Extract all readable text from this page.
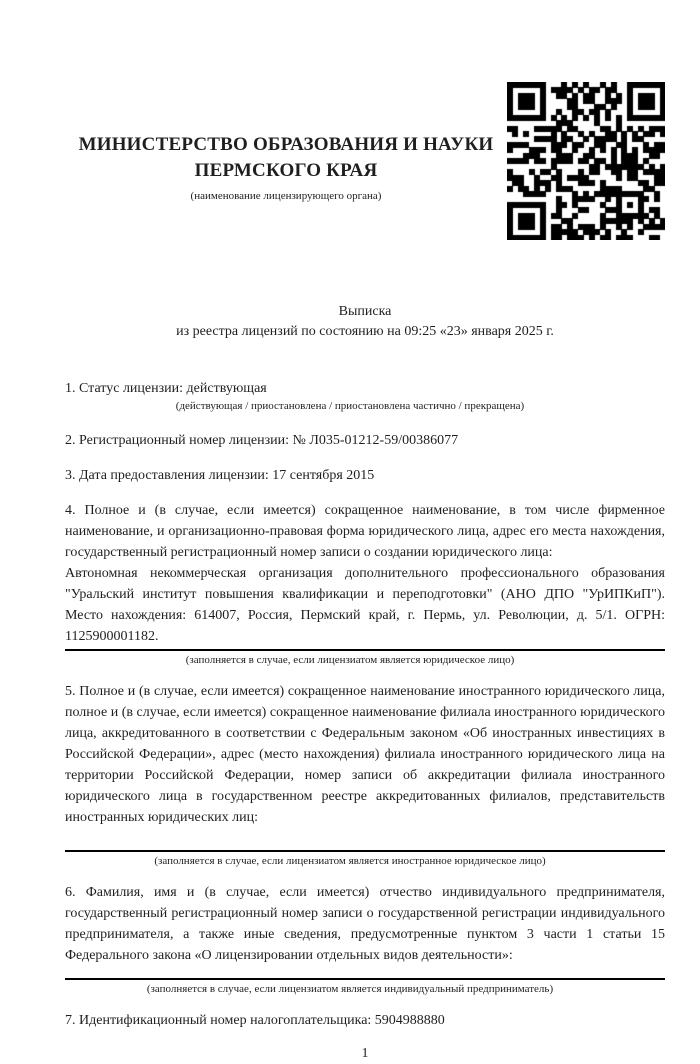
МИНИСТЕРСТВО ОБРАЗОВАНИЯ И НАУКИ
ПЕРМСКОГО КРАЯ
(наименование лицензирующего органа)
Выписка
из реестра лицензий по состоянию на 09:25 «23» января 2025 г.
1. Статус лицензии: действующая
(действующая / приостановлена / приостановлена частично / прекращена)
2. Регистрационный номер лицензии: № Л035-01212-59/00386077
3. Дата предоставления лицензии: 17 сентября 2015

4. Полное и (в случае, если имеется) сокращенное наименование, в том числе фирменное наименование, и организационно-правовая форма юридического лица, адрес его места нахождения, государственный регистрационный номер записи о создании юридического лица:

Автономная некоммерческая организация дополнительного профессионального образования "Уральский институт повышения квалификации и переподготовки" (АНО ДПО "УрИПКиП"). Место нахождения: 614007, Россия, Пермский край, г. Пермь, ул. Революции, д. 5/1. ОГРН: 1125900001182.

(заполняется в случае, если лицензиатом является юридическое лицо)

5. Полное и (в случае, если имеется) сокращенное наименование иностранного юридического лица, полное и (в случае, если имеется) сокращенное наименование филиала иностранного юридического лица, аккредитованного в соответствии с Федеральным законом «Об иностранных инвестициях в Российской Федерации», адрес (место нахождения) филиала иностранного юридического лица на территории Российской Федерации, номер записи об аккредитации филиала иностранного юридического лица в государственном реестре аккредитованных филиалов, представительств иностранных юридических лиц:

(заполняется в случае, если лицензиатом является иностранное юридическое лицо)

6. Фамилия, имя и (в случае, если имеется) отчество индивидуального предпринимателя, государственный регистрационный номер записи о государственной регистрации индивидуального предпринимателя, а также иные сведения, предусмотренные пунктом 3 части 1 статьи 15 Федерального закона «О лицензировании отдельных видов деятельности»:

(заполняется в случае, если лицензиатом является индивидуальный предприниматель)
7. Идентификационный номер налогоплательщика: 5904988880
1
